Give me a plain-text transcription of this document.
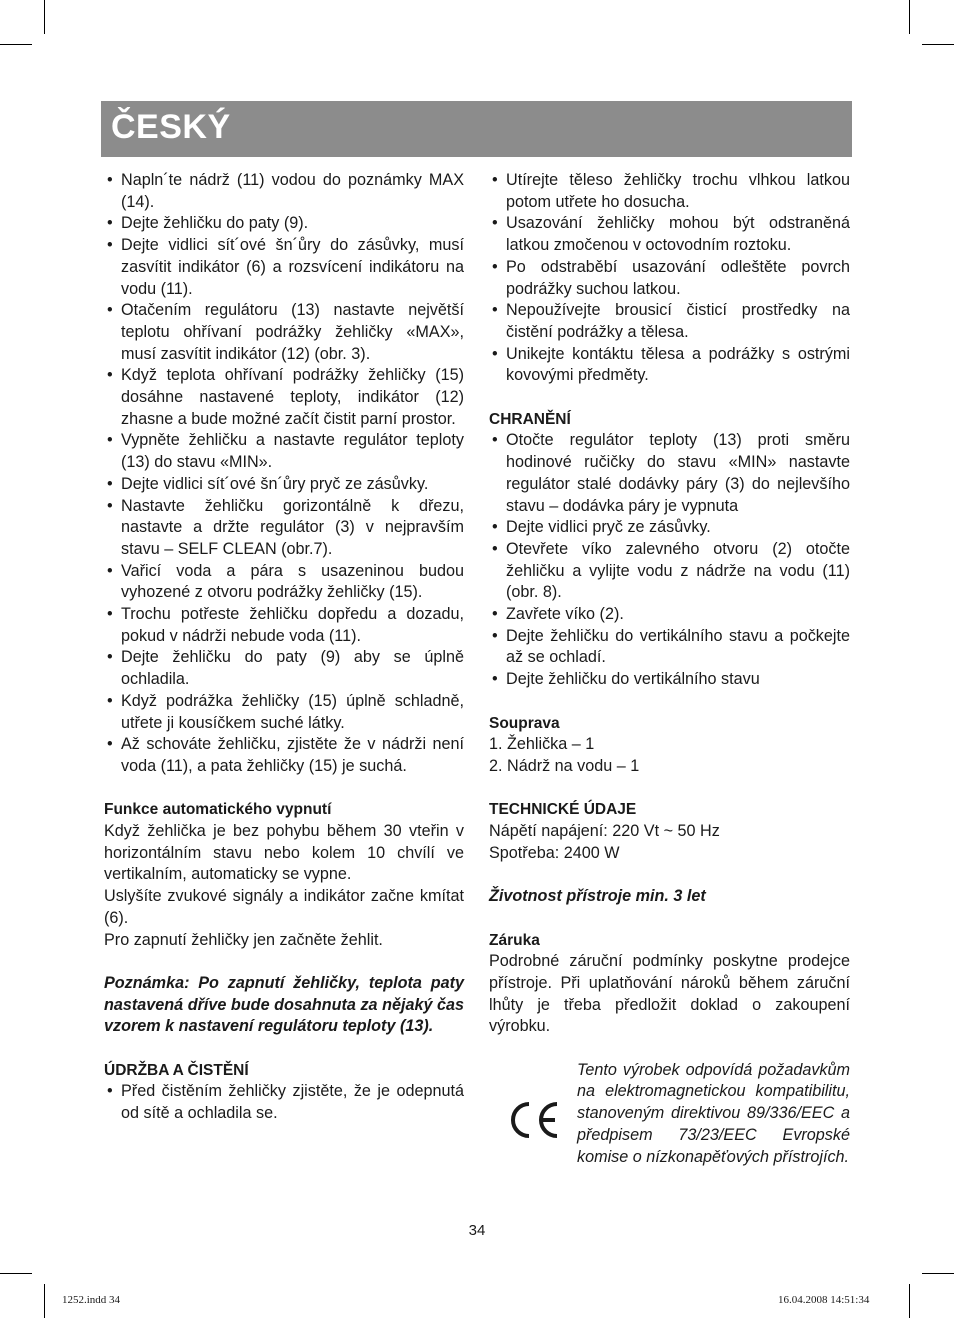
ČESKÝ
• Napln´te nádrž (11) vodou do poznámky MAX (14).
• Dejte žehličku do paty (9).
• Dejte vidlici sít´ové šn´ůry do zásůvky, musí zasvítit indikátor (6) a rozsvícení indikátoru na vodu (11).
• Otačením regulátoru (13) nastavte největší teplotu ohřívaní podrážky žehličky «MAX», musí zasvítit indikátor (12) (obr. 3).
• Když teplota ohřívaní podrážky žehličky (15) dosáhne nastavené teploty, indikátor (12) zhasne a bude možné začít čistit parní prostor.
• Vypněte žehličku a nastavte regulátor teploty (13) do stavu «MIN».
• Dejte vidlici sít´ové šn´ůry pryč ze zásůvky.
• Nastavte žehličku gorizontálně k dřezu, nastavte a držte regulátor (3) v nejpravším stavu – SELF CLEAN (obr.7).
• Vařicí voda a pára s usazeninou budou vyhozené z otvoru podrážky žehličky (15).
• Trochu potřeste žehličku dopředu a dozadu, pokud v nádrži nebude voda (11).
• Dejte žehličku do paty (9) aby se úplně ochladila.
• Když podrážka žehličky (15) úplně schladně, utřete ji kousíčkem suché látky.
• Až schováte žehličku, zjistěte že v nádrži není voda (11), a pata žehličky (15) je suchá.
Funkce automatického vypnutí

Když žehlička je bez pohybu během 30 vteřin v horizontálním stavu nebo kolem 10 chvílí ve vertikalním, automaticky se vypne.

Uslyšíte zvukové signály a indikátor začne kmítat (6).

Pro zapnutí žehličky jen začněte žehlit.

Poznámka: Po zapnutí žehličky, teplota paty nastavená dříve bude dosahnuta za nějaký čas vzorem k nastavení regulátoru teploty (13).

ÚDRŽBA A ČISTĚNÍ
• Před čistěním žehličky zjistěte, že je odepnutá od sítě a ochladila se.
• Utírejte těleso žehličky trochu vlhkou latkou potom utřete ho dosucha.
• Usazování žehličky mohou být odstraněná latkou zmočenou v octovodním roztoku.
• Po odstraběbí usazování odleštěte povrch podrážky suchou latkou.
• Nepoužívejte brousicí čisticí prostředky na čistění podrážky a tělesa.
• Unikejte kontáktu tělesa a podrážky s ostrými kovovými předměty.
CHRANĚNÍ
• Otočte regulátor teploty (13) proti směru hodinové ručičky do stavu «MIN» nastavte regulátor stalé dodávky páry (3) do nejlevšího stavu – dodávka páry je vypnuta
• Dejte vidlici pryč ze zásůvky.
• Otevřete víko zalevného otvoru (2) otočte žehličku a vylijte vodu z nádrže na vodu (11) (obr. 8).
• Zavřete víko (2).
• Dejte žehličku do vertikálního stavu a počkejte až se ochladí.
• Dejte žehličku do vertikálního stavu
Souprava

1. Žehlička – 1

2. Nádrž na vodu – 1

TECHNICKÉ ÚDAJE

Nápětí napájení: 220 Vt ~ 50 Hz

Spotřeba: 2400 W

Životnost přístroje min. 3 let

Záruka

Podrobné záruční podmínky poskytne prodejce přístroje. Při uplatňování nároků během záruční lhůty je třeba předložit doklad o zakoupení výrobku.

Tento výrobek odpovídá požadavkům na elektromagnetickou kompatibilitu, stanoveným direktivou 89/336/EEC a předpisem 73/23/EEC Evropské komise o nízkonapěťových přístrojích.

34
1252.indd 34	16.04.2008 14:51:34
